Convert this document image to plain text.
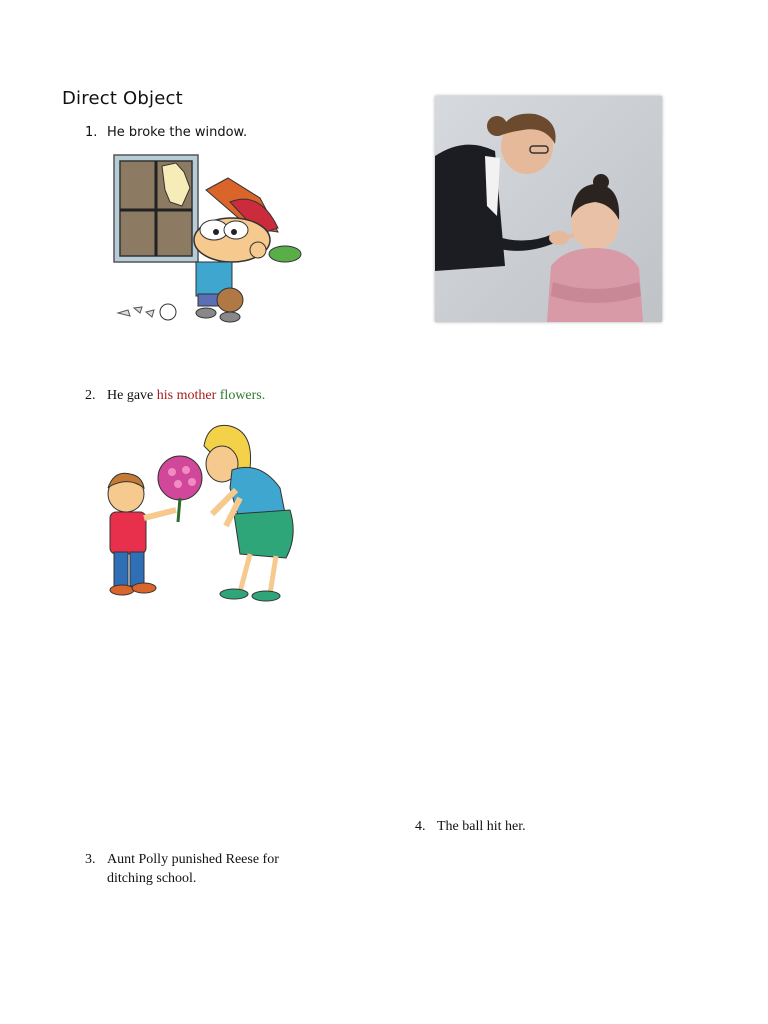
Direct Object
1. He broke the window.
2. He gave his mother flowers.
4. The ball hit her.
3. Aunt Polly punished Reese for ditching school.
